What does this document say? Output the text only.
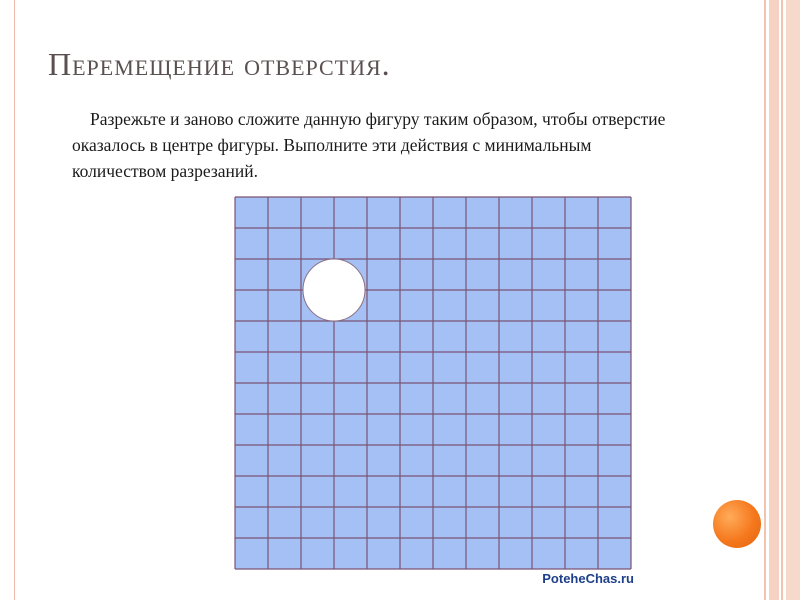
Перемещение отверстия.

Разрежьте и заново сложите данную фигуру таким образом, чтобы отверстие оказалось в центре фигуры. Выполните эти действия с минимальным количеством разрезаний.

PoteheChas.ru
